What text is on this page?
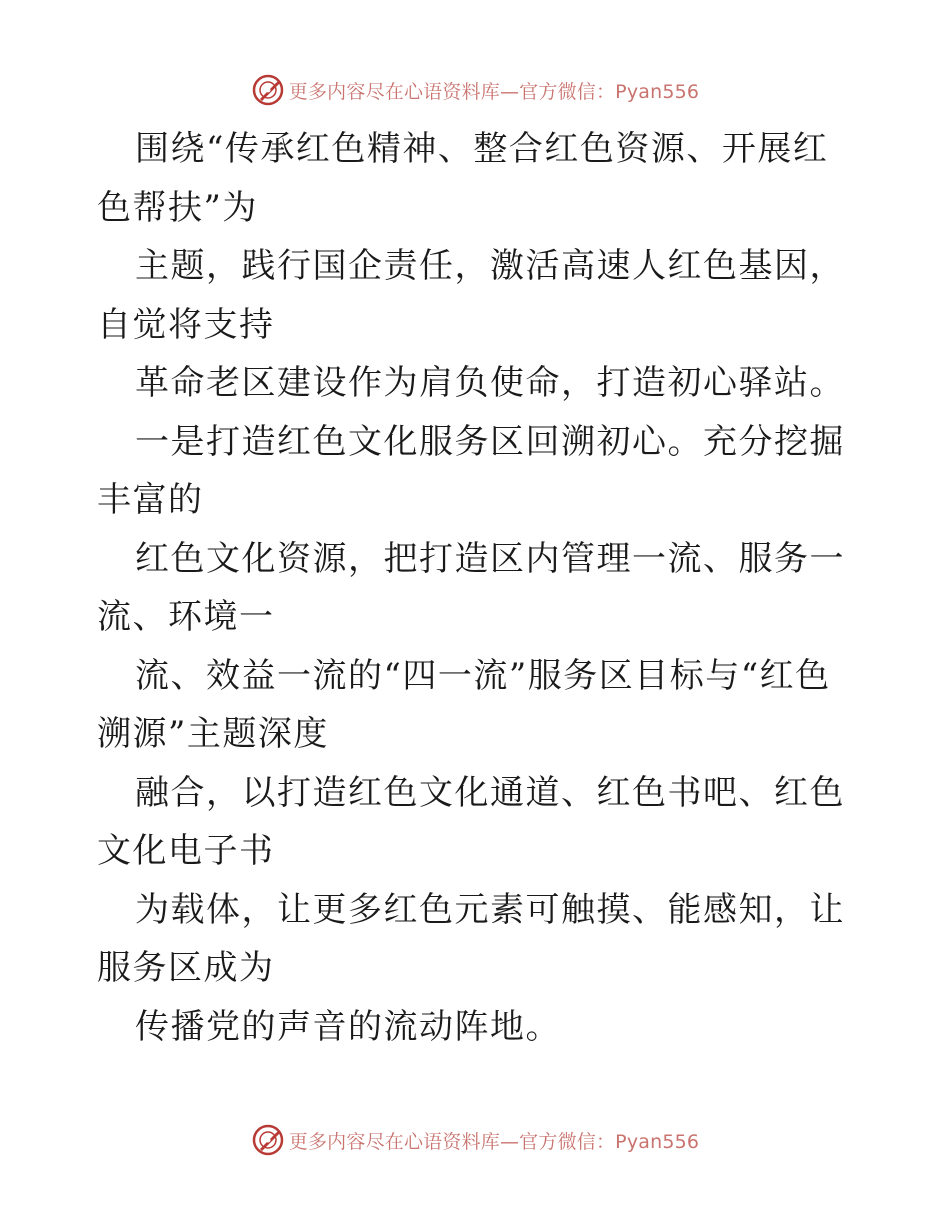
更多内容尽在心语资料库—官方微信：Pyan556

围绕“传承红色精神、整合红色资源、开展红色帮扶”为

主题，践行国企责任，激活高速人红色基因，自觉将支持

革命老区建设作为肩负使命，打造初心驿站。

一是打造红色文化服务区回溯初心。充分挖掘丰富的

红色文化资源，把打造区内管理一流、服务一流、环境一

流、效益一流的“四一流”服务区目标与“红色溯源”主题深度

融合，以打造红色文化通道、红色书吧、红色文化电子书

为载体，让更多红色元素可触摸、能感知，让服务区成为

传播党的声音的流动阵地。

更多内容尽在心语资料库—官方微信：Pyan556
